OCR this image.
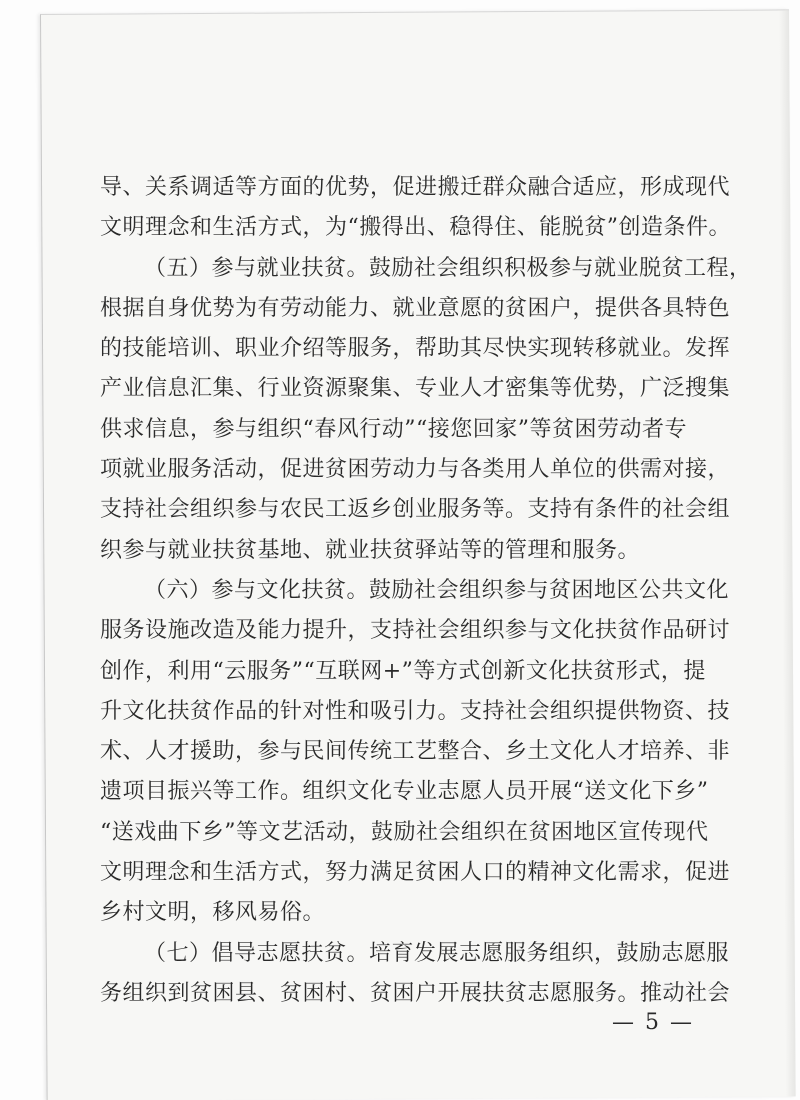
导、关系调适等方面的优势，促进搬迁群众融合适应，形成现代
文明理念和生活方式，为“搬得出、稳得住、能脱贫”创造条件。
（五）参与就业扶贫。鼓励社会组织积极参与就业脱贫工程，
根据自身优势为有劳动能力、就业意愿的贫困户，提供各具特色
的技能培训、职业介绍等服务，帮助其尽快实现转移就业。发挥
产业信息汇集、行业资源聚集、专业人才密集等优势，广泛搜集
供求信息，参与组织“春风行动”“接您回家”等贫困劳动者专
项就业服务活动，促进贫困劳动力与各类用人单位的供需对接，
支持社会组织参与农民工返乡创业服务等。支持有条件的社会组
织参与就业扶贫基地、就业扶贫驿站等的管理和服务。
（六）参与文化扶贫。鼓励社会组织参与贫困地区公共文化
服务设施改造及能力提升，支持社会组织参与文化扶贫作品研讨
创作，利用“云服务”“互联网+”等方式创新文化扶贫形式，提
升文化扶贫作品的针对性和吸引力。支持社会组织提供物资、技
术、人才援助，参与民间传统工艺整合、乡土文化人才培养、非
遗项目振兴等工作。组织文化专业志愿人员开展“送文化下乡”
“送戏曲下乡”等文艺活动，鼓励社会组织在贫困地区宣传现代
文明理念和生活方式，努力满足贫困人口的精神文化需求，促进
乡村文明，移风易俗。
（七）倡导志愿扶贫。培育发展志愿服务组织，鼓励志愿服
务组织到贫困县、贫困村、贫困户开展扶贫志愿服务。推动社会
— 5 —
